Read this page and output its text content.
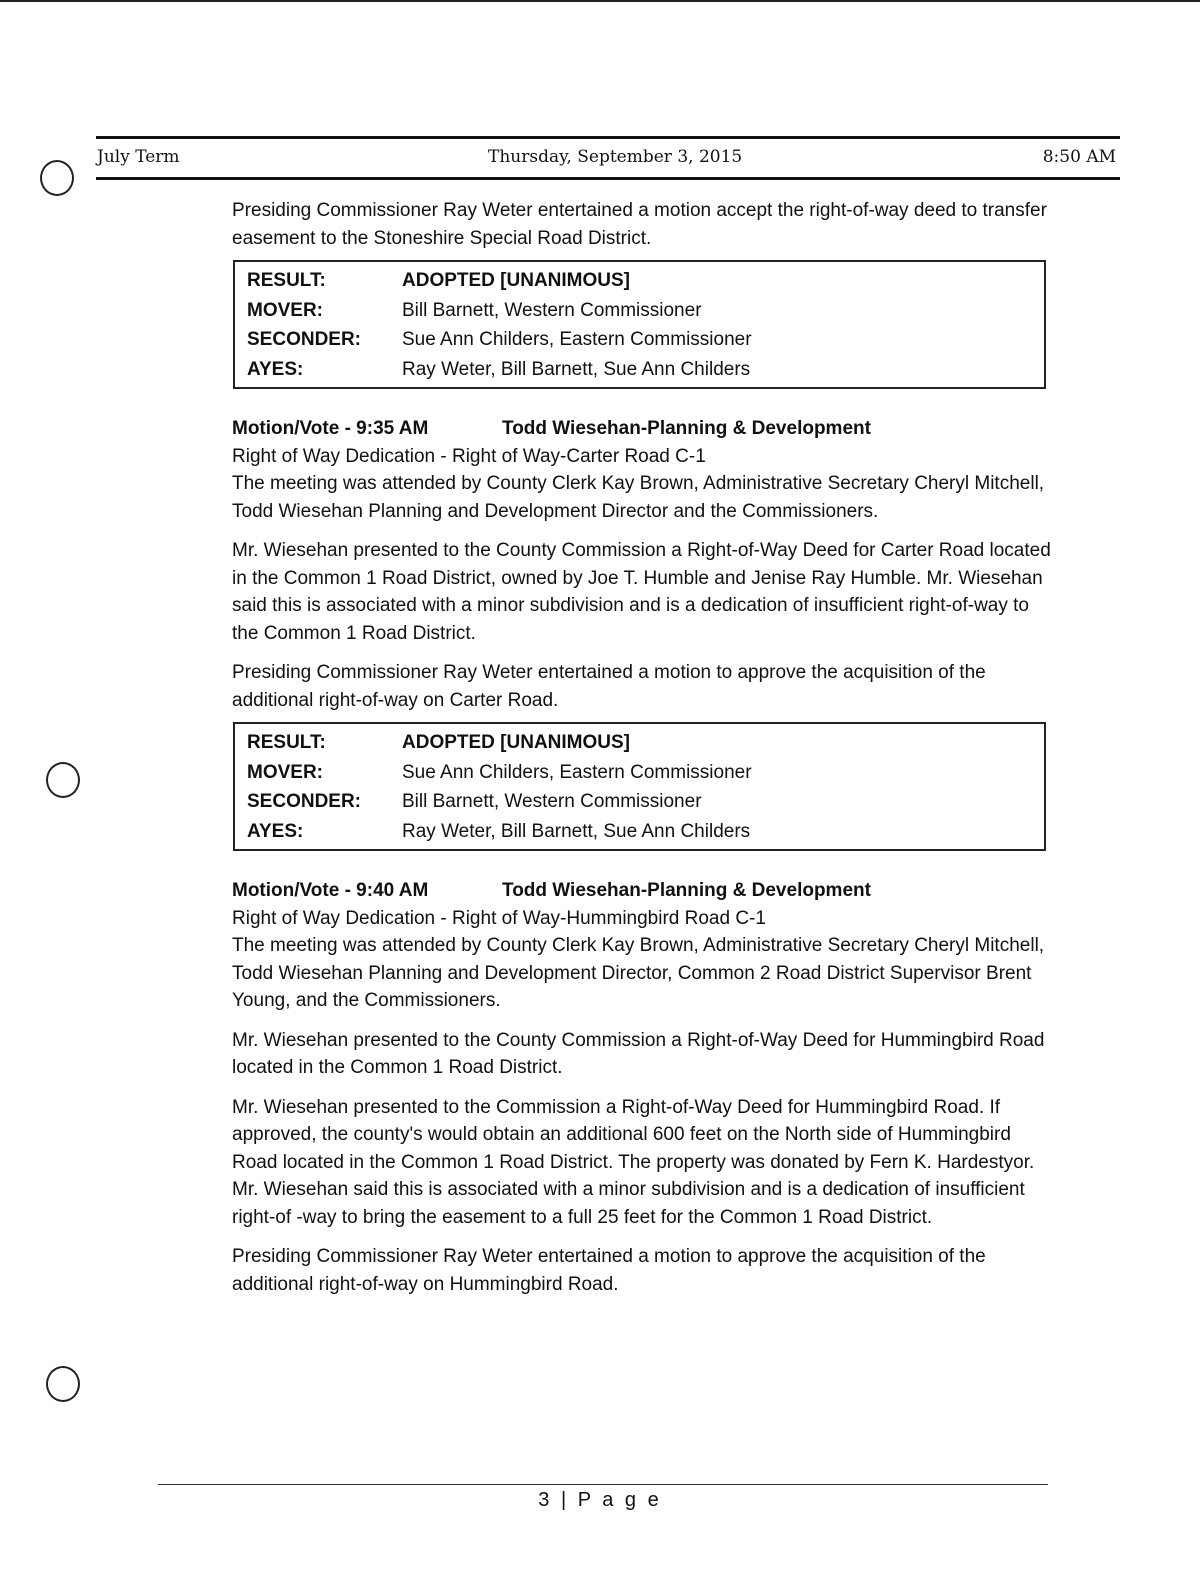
July Term	Thursday, September 3, 2015	8:50 AM

Presiding Commissioner Ray Weter entertained a motion accept the right-of-way deed to transfer easement to the Stoneshire Special Road District.

RESULT:	ADOPTED [UNANIMOUS]
MOVER:	Bill Barnett, Western Commissioner
SECONDER:	Sue Ann Childers, Eastern Commissioner
AYES:	Ray Weter, Bill Barnett, Sue Ann Childers
Motion/Vote - 9:35 AM	Todd Wiesehan-Planning & Development

Right of Way Dedication - Right of Way-Carter Road C-1

The meeting was attended by County Clerk Kay Brown, Administrative Secretary Cheryl Mitchell, Todd Wiesehan Planning and Development Director and the Commissioners.

Mr. Wiesehan presented to the County Commission a Right-of-Way Deed for Carter Road located in the Common 1 Road District, owned by Joe T. Humble and Jenise Ray Humble. Mr. Wiesehan said this is associated with a minor subdivision and is a dedication of insufficient right-of-way to the Common 1 Road District.

Presiding Commissioner Ray Weter entertained a motion to approve the acquisition of the additional right-of-way on Carter Road.

RESULT:	ADOPTED [UNANIMOUS]
MOVER:	Sue Ann Childers, Eastern Commissioner
SECONDER:	Bill Barnett, Western Commissioner
AYES:	Ray Weter, Bill Barnett, Sue Ann Childers
Motion/Vote - 9:40 AM	Todd Wiesehan-Planning & Development

Right of Way Dedication - Right of Way-Hummingbird Road C-1

The meeting was attended by County Clerk Kay Brown, Administrative Secretary Cheryl Mitchell, Todd Wiesehan Planning and Development Director, Common 2 Road District Supervisor Brent Young, and the Commissioners.

Mr. Wiesehan presented to the County Commission a Right-of-Way Deed for Hummingbird Road located in the Common 1 Road District.

Mr. Wiesehan presented to the Commission a Right-of-Way Deed for Hummingbird Road. If approved, the county's would obtain an additional 600 feet on the North side of Hummingbird Road located in the Common 1 Road District. The property was donated by Fern K. Hardestyor. Mr. Wiesehan said this is associated with a minor subdivision and is a dedication of insufficient right-of -way to bring the easement to a full 25 feet for the Common 1 Road District.

Presiding Commissioner Ray Weter entertained a motion to approve the acquisition of the additional right-of-way on Hummingbird Road.

3 | P a g e
